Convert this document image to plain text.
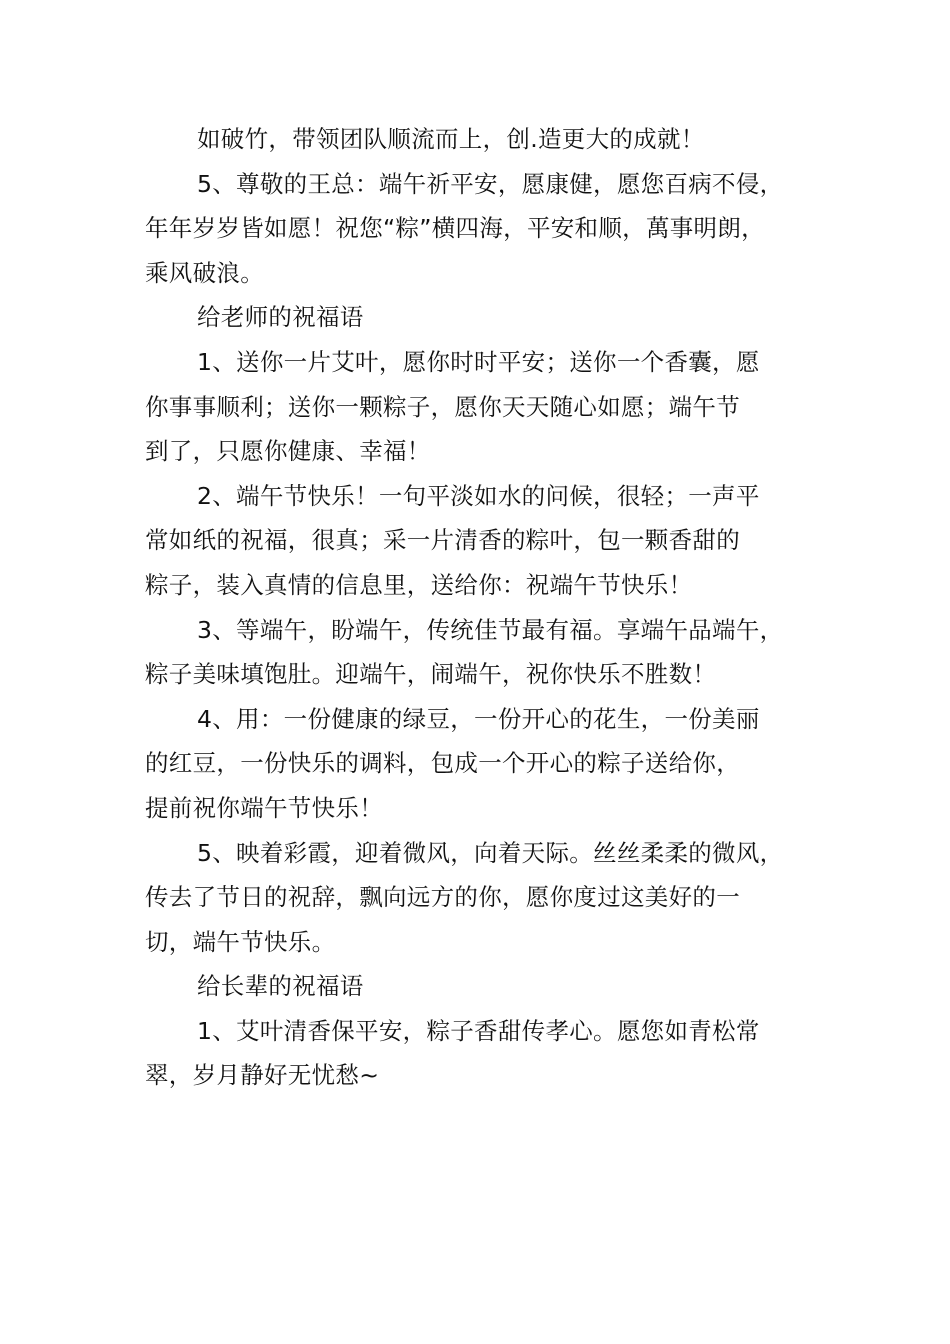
如破竹，带领团队顺流而上，创.造更大的成就！
5、尊敬的王总：端午祈平安，愿康健，愿您百病不侵，
年年岁岁皆如愿！祝您“粽”横四海，平安和顺，萬事明朗，
乘风破浪。
给老师的祝福语
1、送你一片艾叶，愿你时时平安；送你一个香囊，愿
你事事顺利；送你一颗粽子，愿你天天随心如愿；端午节
到了，只愿你健康、幸福！
2、端午节快乐！一句平淡如水的问候，很轻；一声平
常如纸的祝福，很真；采一片清香的粽叶，包一颗香甜的
粽子，装入真情的信息里，送给你：祝端午节快乐！
3、等端午，盼端午，传统佳节最有福。享端午品端午，
粽子美味填饱肚。迎端午，闹端午，祝你快乐不胜数！
4、用：一份健康的绿豆，一份开心的花生，一份美丽
的红豆，一份快乐的调料，包成一个开心的粽子送给你，
提前祝你端午节快乐！
5、映着彩霞，迎着微风，向着天际。丝丝柔柔的微风，
传去了节日的祝辞，飘向远方的你，愿你度过这美好的一
切，端午节快乐。
给长辈的祝福语
1、艾叶清香保平安，粽子香甜传孝心。愿您如青松常
翠，岁月静好无忧愁~
